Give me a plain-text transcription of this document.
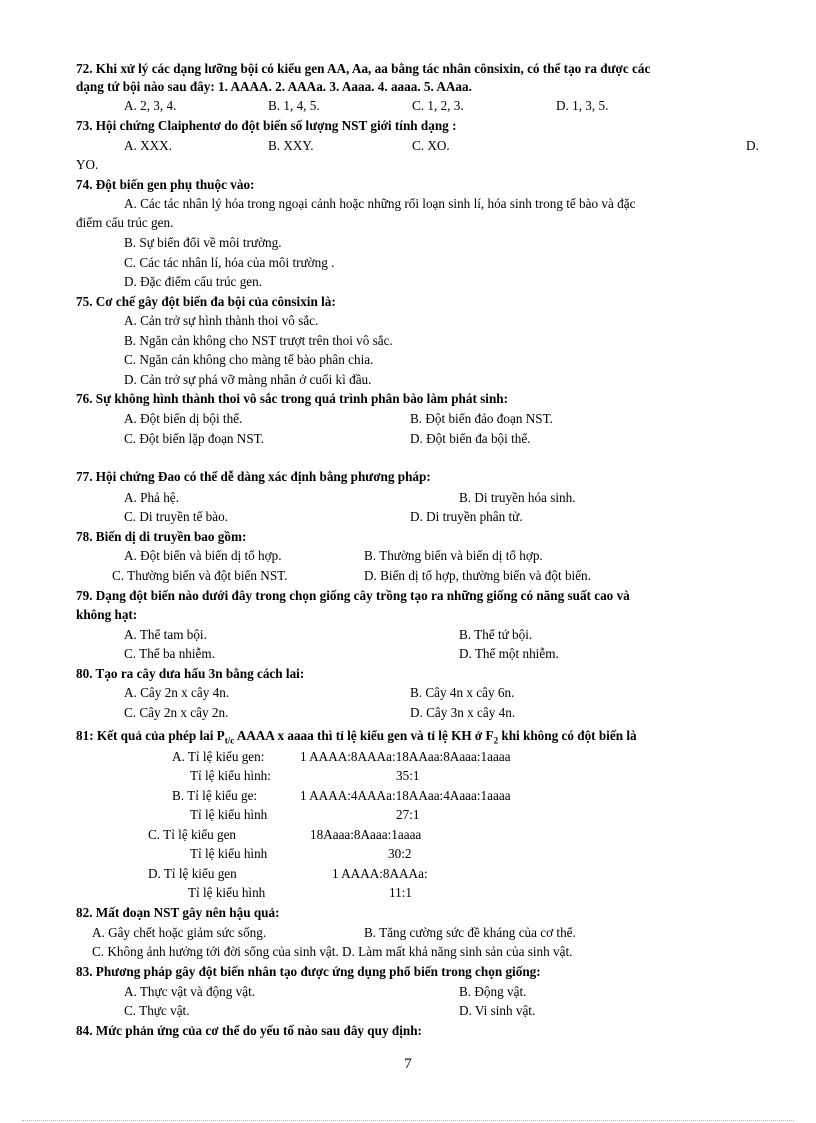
72. Khi xử lý các dạng lưỡng bội có kiểu gen AA, Aa, aa bằng tác nhân cônsixin, có thể tạo ra được các
dạng tứ bội nào sau đây: 1. AAAA. 2. AAAa. 3. Aaaa. 4. aaaa. 5. AAaa.
A. 2, 3, 4.	B. 1, 4, 5.	C. 1, 2, 3.	D. 1, 3, 5.
73. Hội chứng Claiphentơ do đột biến số lượng NST giới tính dạng :
A. XXX.	B. XXY.	C. XO.	D.
YO.
74. Đột biến gen phụ thuộc vào:
A. Các tác nhân lý hóa trong ngoại cảnh hoặc những rối loạn sinh lí, hóa sinh trong tế bào và đặc
điểm cấu trúc gen.
B. Sự biến đổi về môi trường.
C. Các tác nhân lí, hóa của môi trường .
D. Đặc điểm cấu trúc gen.
75. Cơ chế gây đột biến đa bội của cônsixin là:
A. Cản trở sự hình thành thoi vô sắc.
B. Ngăn cản không cho NST trượt trên thoi vô sắc.
C. Ngăn cản không cho màng tế bào phân chia.
D. Cản trở sự phá vỡ màng nhân ở cuối kì đầu.
76. Sự không hình thành thoi vô sắc trong quá trình phân bào làm phát sinh:
A. Đột biến dị bội thể.	B. Đột biến đảo đoạn NST.
C. Đột biến lặp đoạn NST.	D. Đột biến đa bội thể.
77. Hội chứng Đao có thể dễ dàng xác định bằng phương pháp:
A. Phả hệ.	B. Di truyền hóa sinh.
C. Di truyền tế bào.	D. Di truyền phân tử.
78. Biến dị di truyền bao gồm:
A. Đột biến và biến dị tổ hợp.	B. Thường biến và biến dị tổ hợp.
C. Thường biến và đột biến NST.	D. Biến dị tổ hợp, thường biến và đột biến.
79. Dạng đột biến nào dưới đây trong chọn giống cây trồng tạo ra những giống có năng suất cao và
không hạt:
A. Thể tam bội.	B. Thể tứ bội.
C. Thể ba nhiễm.	D. Thể một nhiễm.
80. Tạo ra cây dưa hấu 3n bằng cách lai:
A. Cây 2n x cây 4n.	B. Cây 4n x cây 6n.
C. Cây 2n x cây 2n.	D. Cây 3n x cây 4n.
81: Kết quả của phép lai $P_{t/c}$ AAAA x aaaa thì tỉ lệ kiểu gen và tỉ lệ KH ở $F_2$ khi không có đột biến là
A. Tỉ lệ kiểu gen:	1 AAAA:8AAAa:18AAaa:8Aaaa:1aaaa
Tỉ lệ kiểu hình:	35:1
B. Tỉ lệ kiểu ge:	1 AAAA:4AAAa:18AAaa:4Aaaa:1aaaa
Tỉ lệ kiểu hình	27:1
C. Tỉ lệ kiểu gen	18Aaaa:8Aaaa:1aaaa
Tỉ lệ kiểu hình	30:2
D. Tỉ lệ kiểu gen	1 AAAA:8AAAa:
Tỉ lệ kiểu hình	11:1
82. Mất đoạn NST gây nên hậu quả:
A. Gây chết hoặc giảm sức sống.	B. Tăng cường sức đề kháng của cơ thể.
C. Không ảnh hưởng tới đời sống của sinh vật. D. Làm mất khả năng sinh sản của sinh vật.
83. Phương pháp gây đột biến nhân tạo được ứng dụng phổ biến trong chọn giống:
A. Thực vật và động vật.	B. Động vật.
C. Thực vật.	D. Vi sinh vật.
84. Mức phản ứng của cơ thể do yếu tố nào sau đây quy định:
7
